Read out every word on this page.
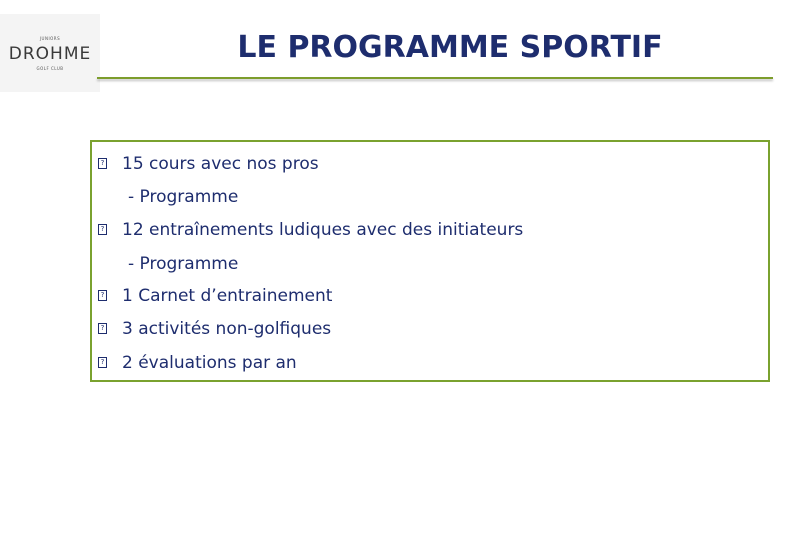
JUNIORS
DROHME
GOLF CLUB
LE PROGRAMME SPORTIF
? 15 cours avec nos pros
- Programme
? 12 entraînements ludiques avec des initiateurs
- Programme
? 1 Carnet d’entrainement
? 3 activités non-golfiques
? 2 évaluations par an
